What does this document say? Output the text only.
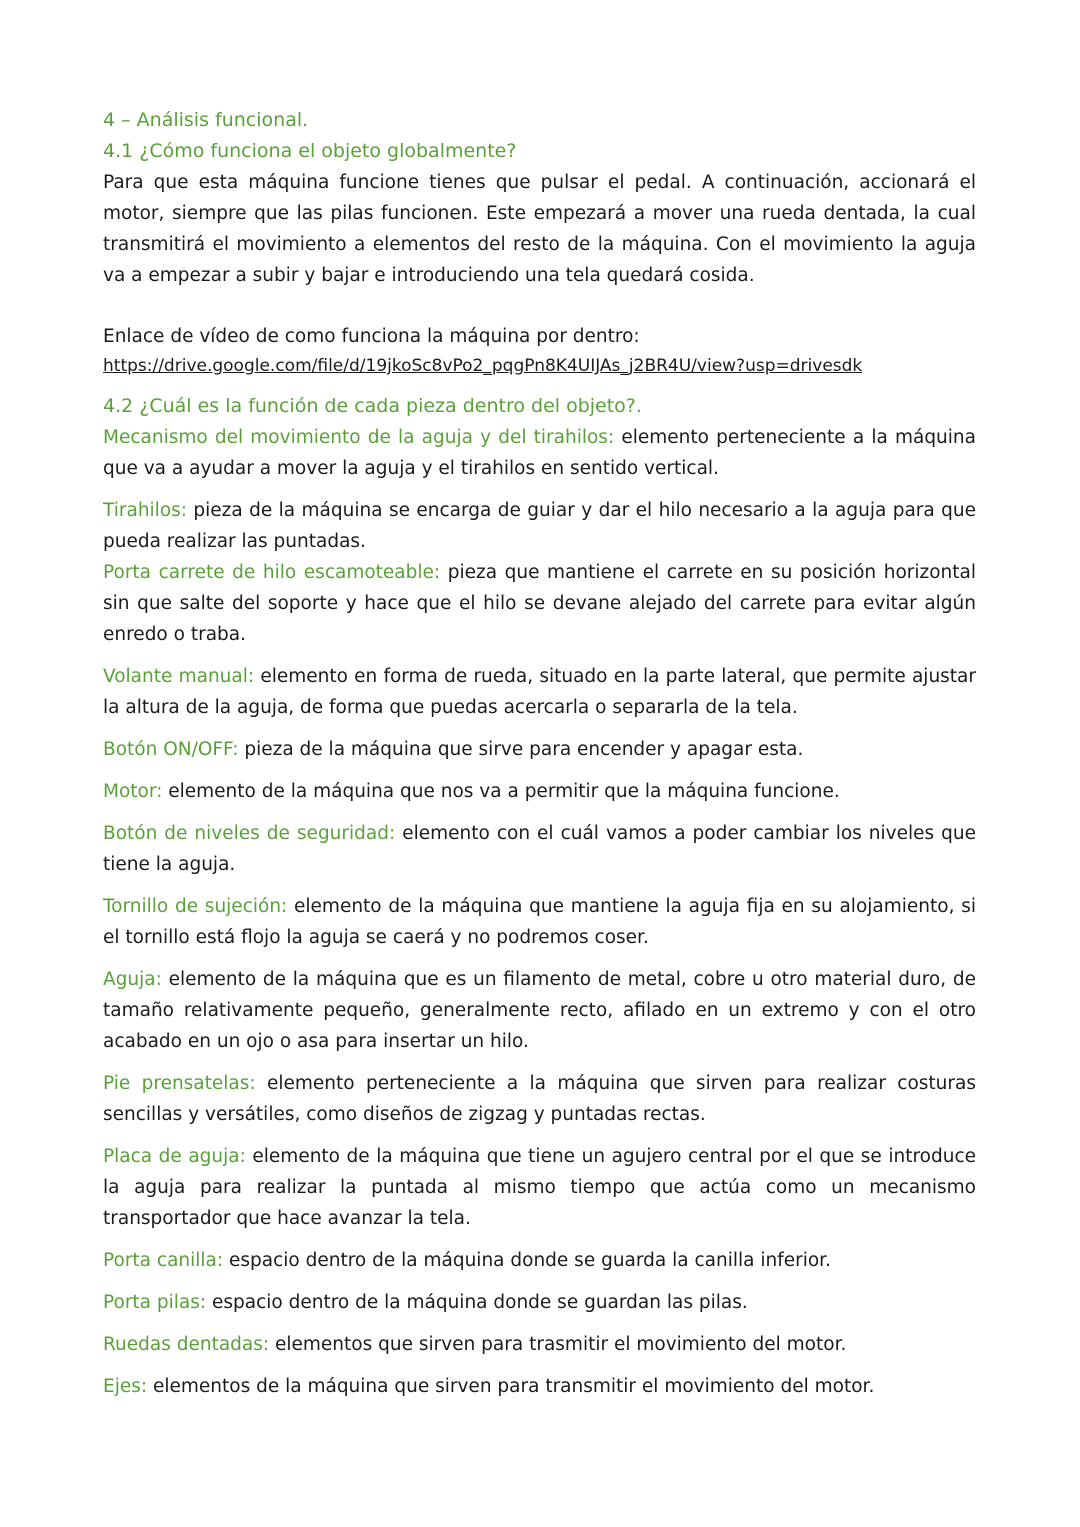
4 – Análisis funcional.

4.1 ¿Cómo funciona el objeto globalmente?

Para que esta máquina funcione tienes que pulsar el pedal. A continuación, accionará el motor, siempre que las pilas funcionen. Este empezará a mover una rueda dentada, la cual transmitirá el movimiento a elementos del resto de la máquina. Con el movimiento la aguja va a empezar a subir y bajar e introduciendo una tela quedará cosida.

Enlace de vídeo de como funciona la máquina por dentro:

https://drive.google.com/file/d/19jkoSc8vPo2_pqgPn8K4UIJAs_j2BR4U/view?usp=drivesdk

4.2 ¿Cuál es la función de cada pieza dentro del objeto?.

Mecanismo del movimiento de la aguja y del tirahilos: elemento perteneciente a la máquina que va a ayudar a mover la aguja y el tirahilos en sentido vertical.

Tirahilos: pieza de la máquina se encarga de guiar y dar el hilo necesario a la aguja para que pueda realizar las puntadas.

Porta carrete de hilo escamoteable: pieza que mantiene el carrete en su posición horizontal sin que salte del soporte y hace que el hilo se devane alejado del carrete para evitar algún enredo o traba.

Volante manual: elemento en forma de rueda, situado en la parte lateral, que permite ajustar la altura de la aguja, de forma que puedas acercarla o separarla de la tela.

Botón ON/OFF: pieza de la máquina que sirve para encender y apagar esta.

Motor: elemento de la máquina que nos va a permitir que la máquina funcione.

Botón de niveles de seguridad: elemento con el cuál vamos a poder cambiar los niveles que tiene la aguja.

Tornillo de sujeción: elemento de la máquina que mantiene la aguja fija en su alojamiento, si el tornillo está flojo la aguja se caerá y no podremos coser.

Aguja: elemento de la máquina que es un filamento de metal, cobre u otro material duro, de tamaño relativamente pequeño, generalmente recto, afilado en un extremo y con el otro acabado en un ojo o asa para insertar un hilo.

Pie prensatelas: elemento perteneciente a la máquina que sirven para realizar costuras sencillas y versátiles, como diseños de zigzag y puntadas rectas.

Placa de aguja: elemento de la máquina que tiene un agujero central por el que se introduce la aguja para realizar la puntada al mismo tiempo que actúa como un mecanismo transportador que hace avanzar la tela.

Porta canilla: espacio dentro de la máquina donde se guarda la canilla inferior.

Porta pilas: espacio dentro de la máquina donde se guardan las pilas.

Ruedas dentadas: elementos que sirven para trasmitir el movimiento del motor.

Ejes: elementos de la máquina que sirven para transmitir el movimiento del motor.
